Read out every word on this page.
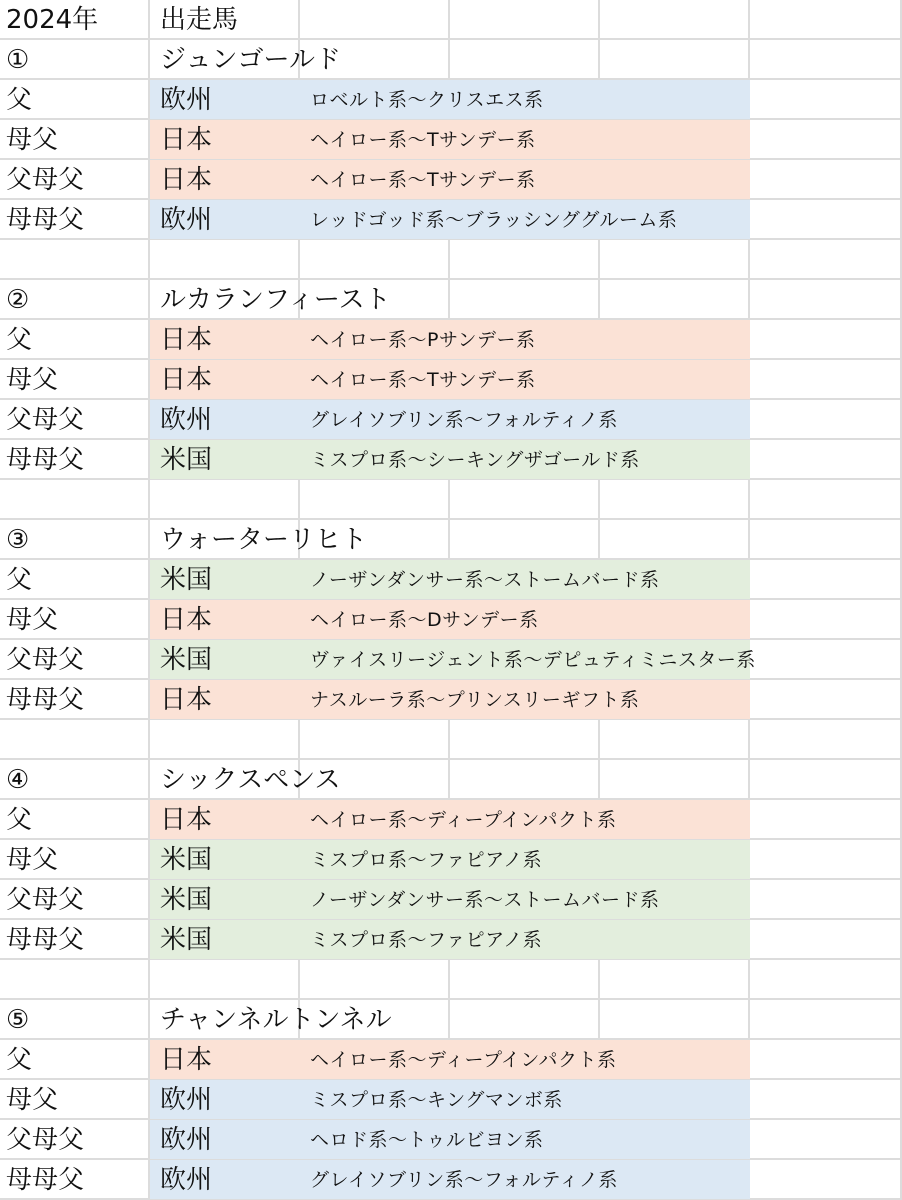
2024年 出走馬
①	ジュンゴールド
父	欧州	ロベルト系〜クリスエス系
母父	日本	ヘイロー系〜Tサンデー系
父母父	日本	ヘイロー系〜Tサンデー系
母母父	欧州	レッドゴッド系〜ブラッシンググルーム系
②	ルカランフィースト
父	日本	ヘイロー系〜Pサンデー系
母父	日本	ヘイロー系〜Tサンデー系
父母父	欧州	グレイソブリン系〜フォルティノ系
母母父	米国	ミスプロ系〜シーキングザゴールド系
③	ウォーターリヒト
父	米国	ノーザンダンサー系〜ストームバード系
母父	日本	ヘイロー系〜Dサンデー系
父母父	米国	ヴァイスリージェント系〜デピュティミニスター系
母母父	日本	ナスルーラ系〜プリンスリーギフト系
④	シックスペンス
父	日本	ヘイロー系〜ディープインパクト系
母父	米国	ミスプロ系〜ファピアノ系
父母父	米国	ノーザンダンサー系〜ストームバード系
母母父	米国	ミスプロ系〜ファピアノ系
⑤	チャンネルトンネル
父	日本	ヘイロー系〜ディープインパクト系
母父	欧州	ミスプロ系〜キングマンボ系
父母父	欧州	ヘロド系〜トゥルビヨン系
母母父	欧州	グレイソブリン系〜フォルティノ系
